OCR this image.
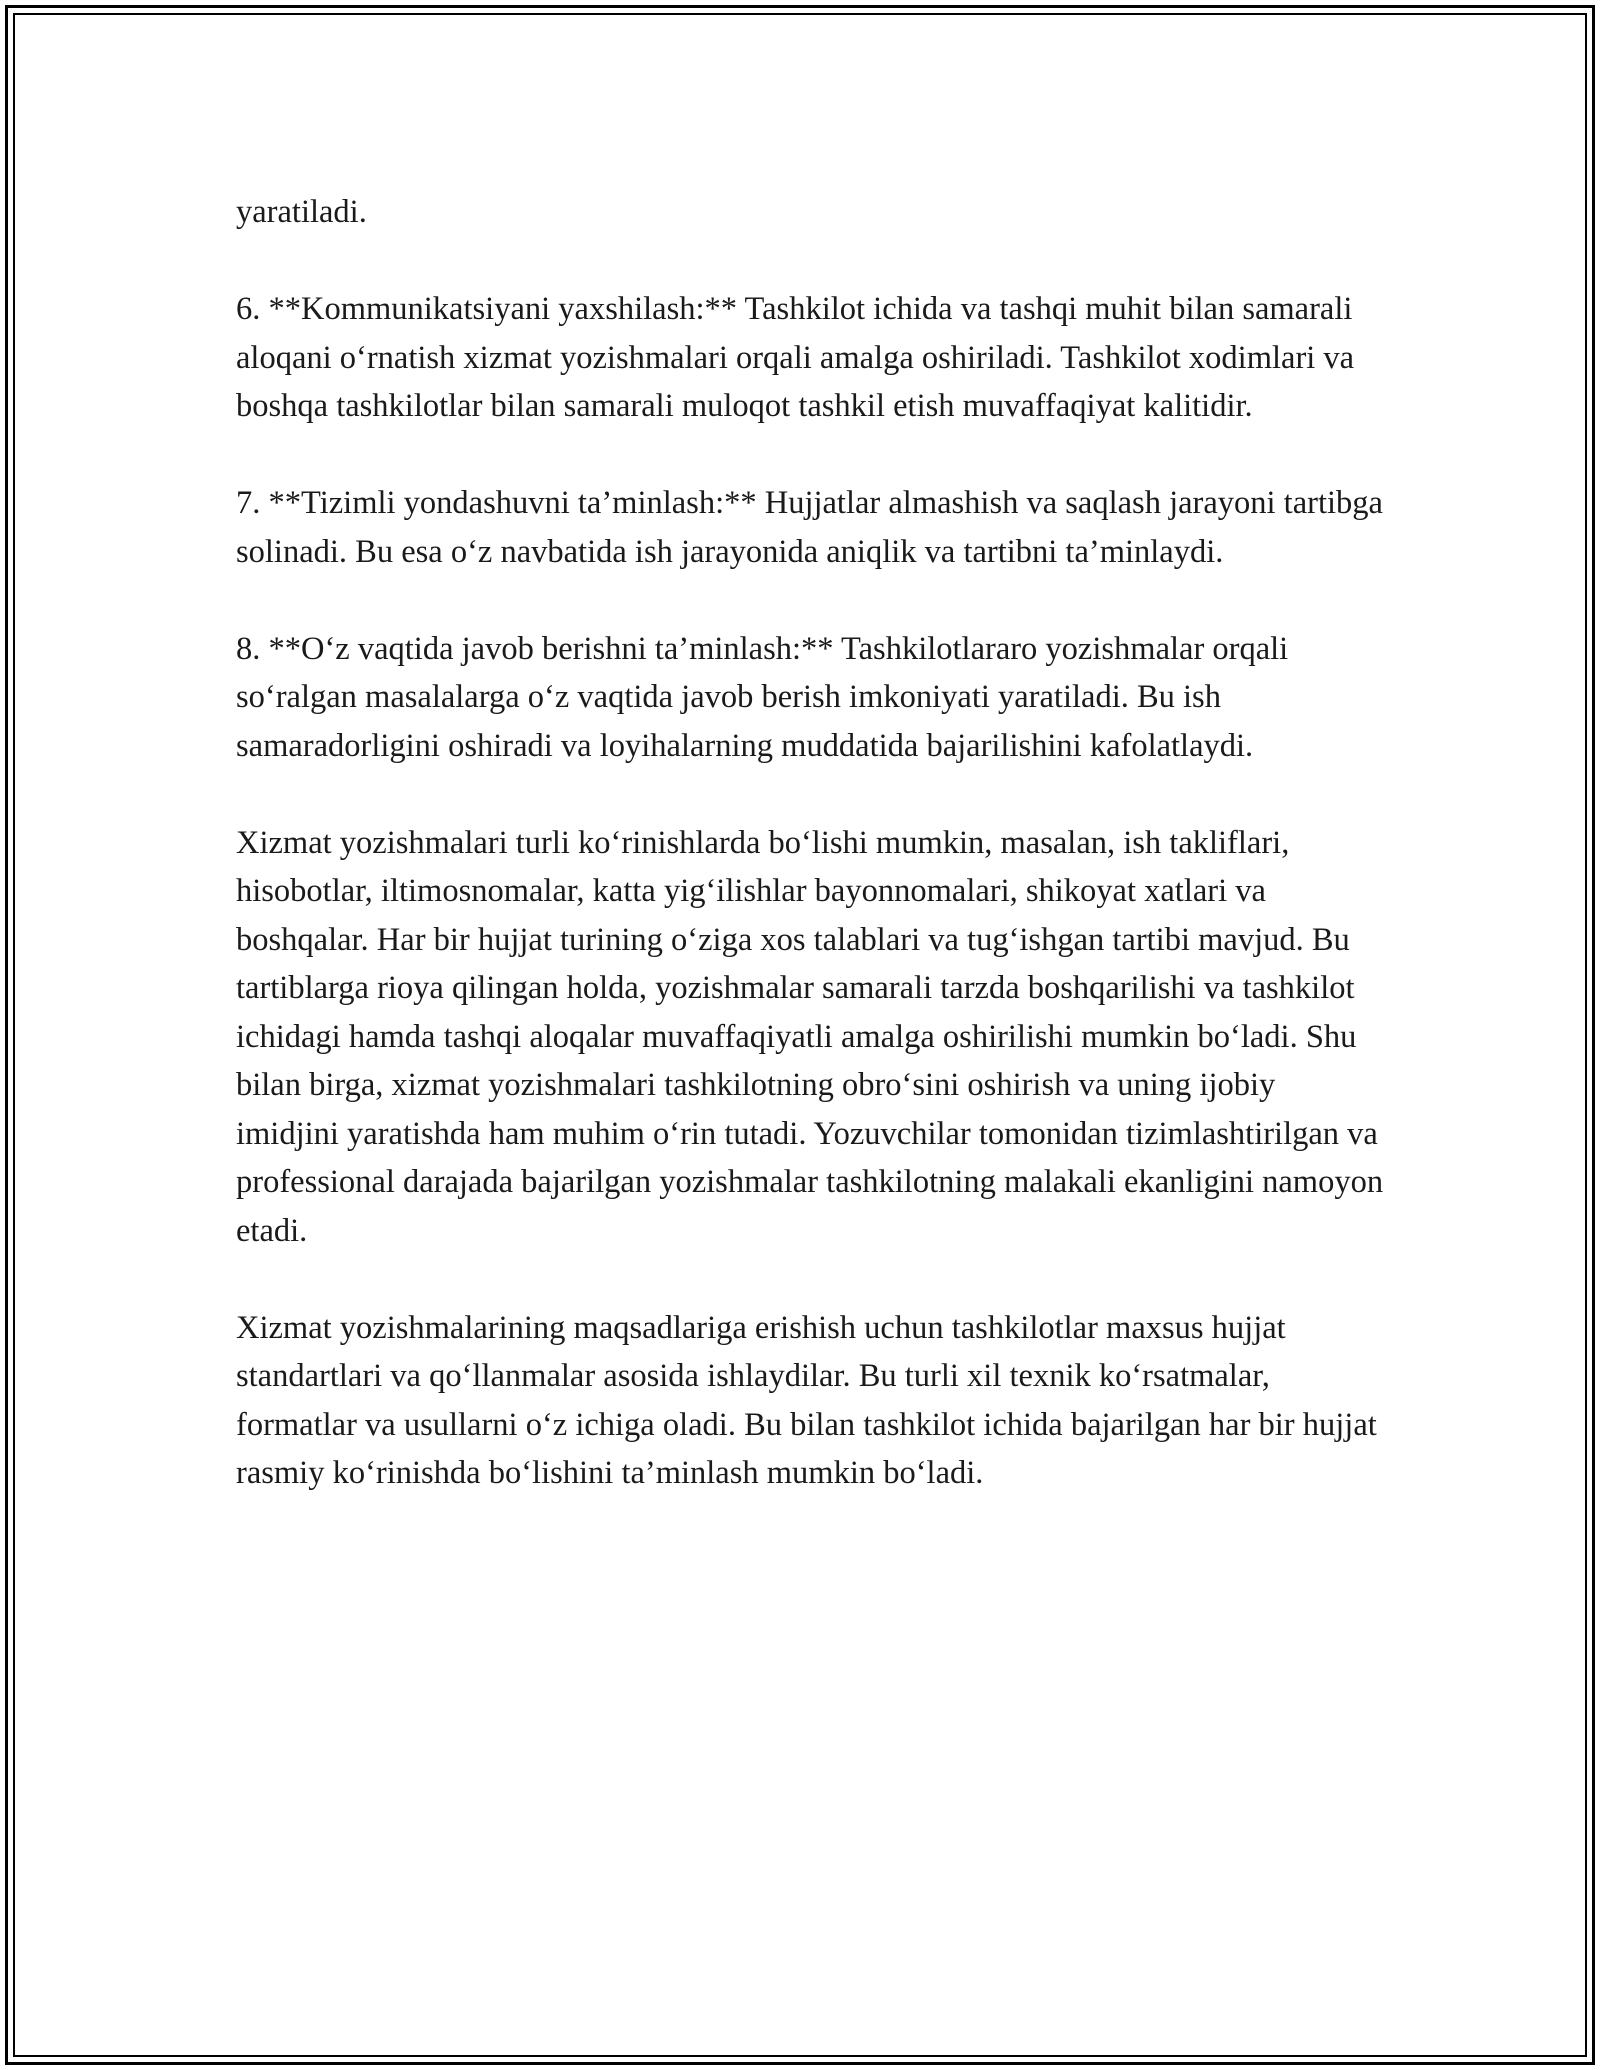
yaratiladi.

6. **Kommunikatsiyani yaxshilash:** Tashkilot ichida va tashqi muhit bilan samarali aloqani o‘rnatish xizmat yozishmalari orqali amalga oshiriladi. Tashkilot xodimlari va boshqa tashkilotlar bilan samarali muloqot tashkil etish muvaffaqiyat kalitidir.

7. **Tizimli yondashuvni ta’minlash:** Hujjatlar almashish va saqlash jarayoni tartibga solinadi. Bu esa o‘z navbatida ish jarayonida aniqlik va tartibni ta’minlaydi.

8. **O‘z vaqtida javob berishni ta’minlash:** Tashkilotlararo yozishmalar orqali so‘ralgan masalalarga o‘z vaqtida javob berish imkoniyati yaratiladi. Bu ish samaradorligini oshiradi va loyihalarning muddatida bajarilishini kafolatlaydi.

Xizmat yozishmalari turli ko‘rinishlarda bo‘lishi mumkin, masalan, ish takliflari, hisobotlar, iltimosnomalar, katta yig‘ilishlar bayonnomalari, shikoyat xatlari va boshqalar. Har bir hujjat turining o‘ziga xos talablari va tug‘ishgan tartibi mavjud. Bu tartiblarga rioya qilingan holda, yozishmalar samarali tarzda boshqarilishi va tashkilot ichidagi hamda tashqi aloqalar muvaffaqiyatli amalga oshirilishi mumkin bo‘ladi. Shu bilan birga, xizmat yozishmalari tashkilotning obro‘sini oshirish va uning ijobiy imidjini yaratishda ham muhim o‘rin tutadi. Yozuvchilar tomonidan tizimlashtirilgan va professional darajada bajarilgan yozishmalar tashkilotning malakali ekanligini namoyon etadi.

Xizmat yozishmalarining maqsadlariga erishish uchun tashkilotlar maxsus hujjat standartlari va qo‘llanmalar asosida ishlaydilar. Bu turli xil texnik ko‘rsatmalar, formatlar va usullarni o‘z ichiga oladi. Bu bilan tashkilot ichida bajarilgan har bir hujjat rasmiy ko‘rinishda bo‘lishini ta’minlash mumkin bo‘ladi.
